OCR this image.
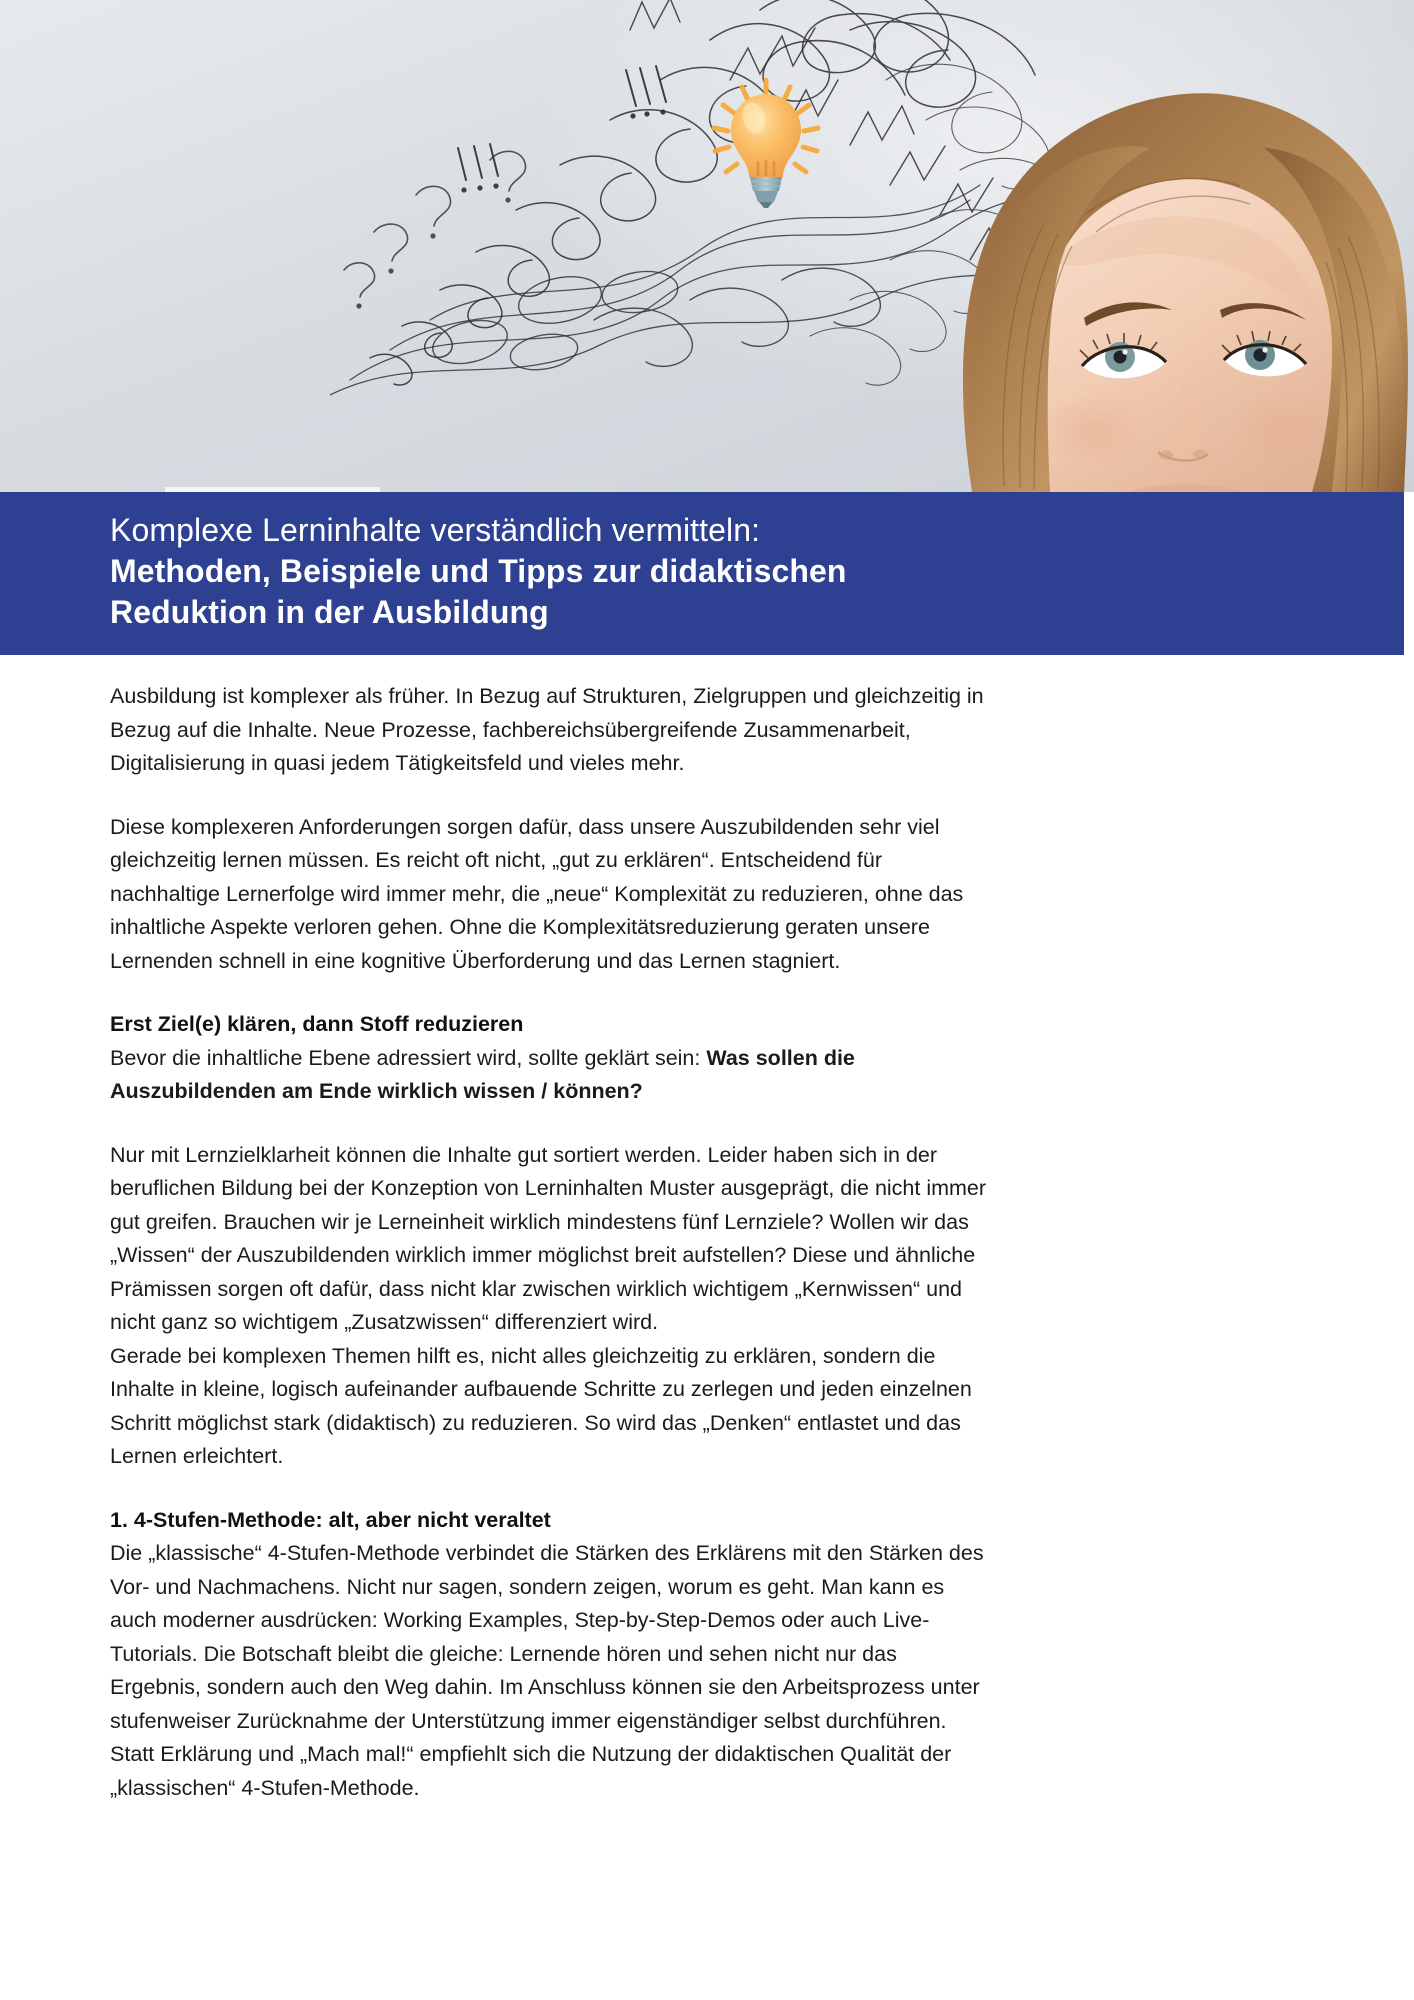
Komplexe Lerninhalte verständlich vermitteln:
Methoden, Beispiele und Tipps zur didaktischen
Reduktion in der Ausbildung

Ausbildung ist komplexer als früher. In Bezug auf Strukturen, Zielgruppen und gleichzeitig in Bezug auf die Inhalte. Neue Prozesse, fachbereichsübergreifende Zusammenarbeit, Digitalisierung in quasi jedem Tätigkeitsfeld und vieles mehr.

Diese komplexeren Anforderungen sorgen dafür, dass unsere Auszubildenden sehr viel gleichzeitig lernen müssen. Es reicht oft nicht, „gut zu erklären“. Entscheidend für nachhaltige Lernerfolge wird immer mehr, die „neue“ Komplexität zu reduzieren, ohne das inhaltliche Aspekte verloren gehen. Ohne die Komplexitätsreduzierung geraten unsere Lernenden schnell in eine kognitive Überforderung und das Lernen stagniert.

Erst Ziel(e) klären, dann Stoff reduzieren

Bevor die inhaltliche Ebene adressiert wird, sollte geklärt sein: Was sollen die Auszubildenden am Ende wirklich wissen / können?

Nur mit Lernzielklarheit können die Inhalte gut sortiert werden. Leider haben sich in der beruflichen Bildung bei der Konzeption von Lerninhalten Muster ausgeprägt, die nicht immer gut greifen. Brauchen wir je Lerneinheit wirklich mindestens fünf Lernziele? Wollen wir das „Wissen“ der Auszubildenden wirklich immer möglichst breit aufstellen? Diese und ähnliche Prämissen sorgen oft dafür, dass nicht klar zwischen wirklich wichtigem „Kernwissen“ und nicht ganz so wichtigem „Zusatzwissen“ differenziert wird.
Gerade bei komplexen Themen hilft es, nicht alles gleichzeitig zu erklären, sondern die Inhalte in kleine, logisch aufeinander aufbauende Schritte zu zerlegen und jeden einzelnen Schritt möglichst stark (didaktisch) zu reduzieren. So wird das „Denken“ entlastet und das Lernen erleichtert.

1. 4-Stufen-Methode: alt, aber nicht veraltet

Die „klassische“ 4-Stufen-Methode verbindet die Stärken des Erklärens mit den Stärken des Vor- und Nachmachens. Nicht nur sagen, sondern zeigen, worum es geht. Man kann es auch moderner ausdrücken: Working Examples, Step-by-Step-Demos oder auch Live-Tutorials. Die Botschaft bleibt die gleiche: Lernende hören und sehen nicht nur das Ergebnis, sondern auch den Weg dahin. Im Anschluss können sie den Arbeitsprozess unter stufenweiser Zurücknahme der Unterstützung immer eigenständiger selbst durchführen. Statt Erklärung und „Mach mal!“ empfiehlt sich die Nutzung der didaktischen Qualität der „klassischen“ 4-Stufen-Methode.
